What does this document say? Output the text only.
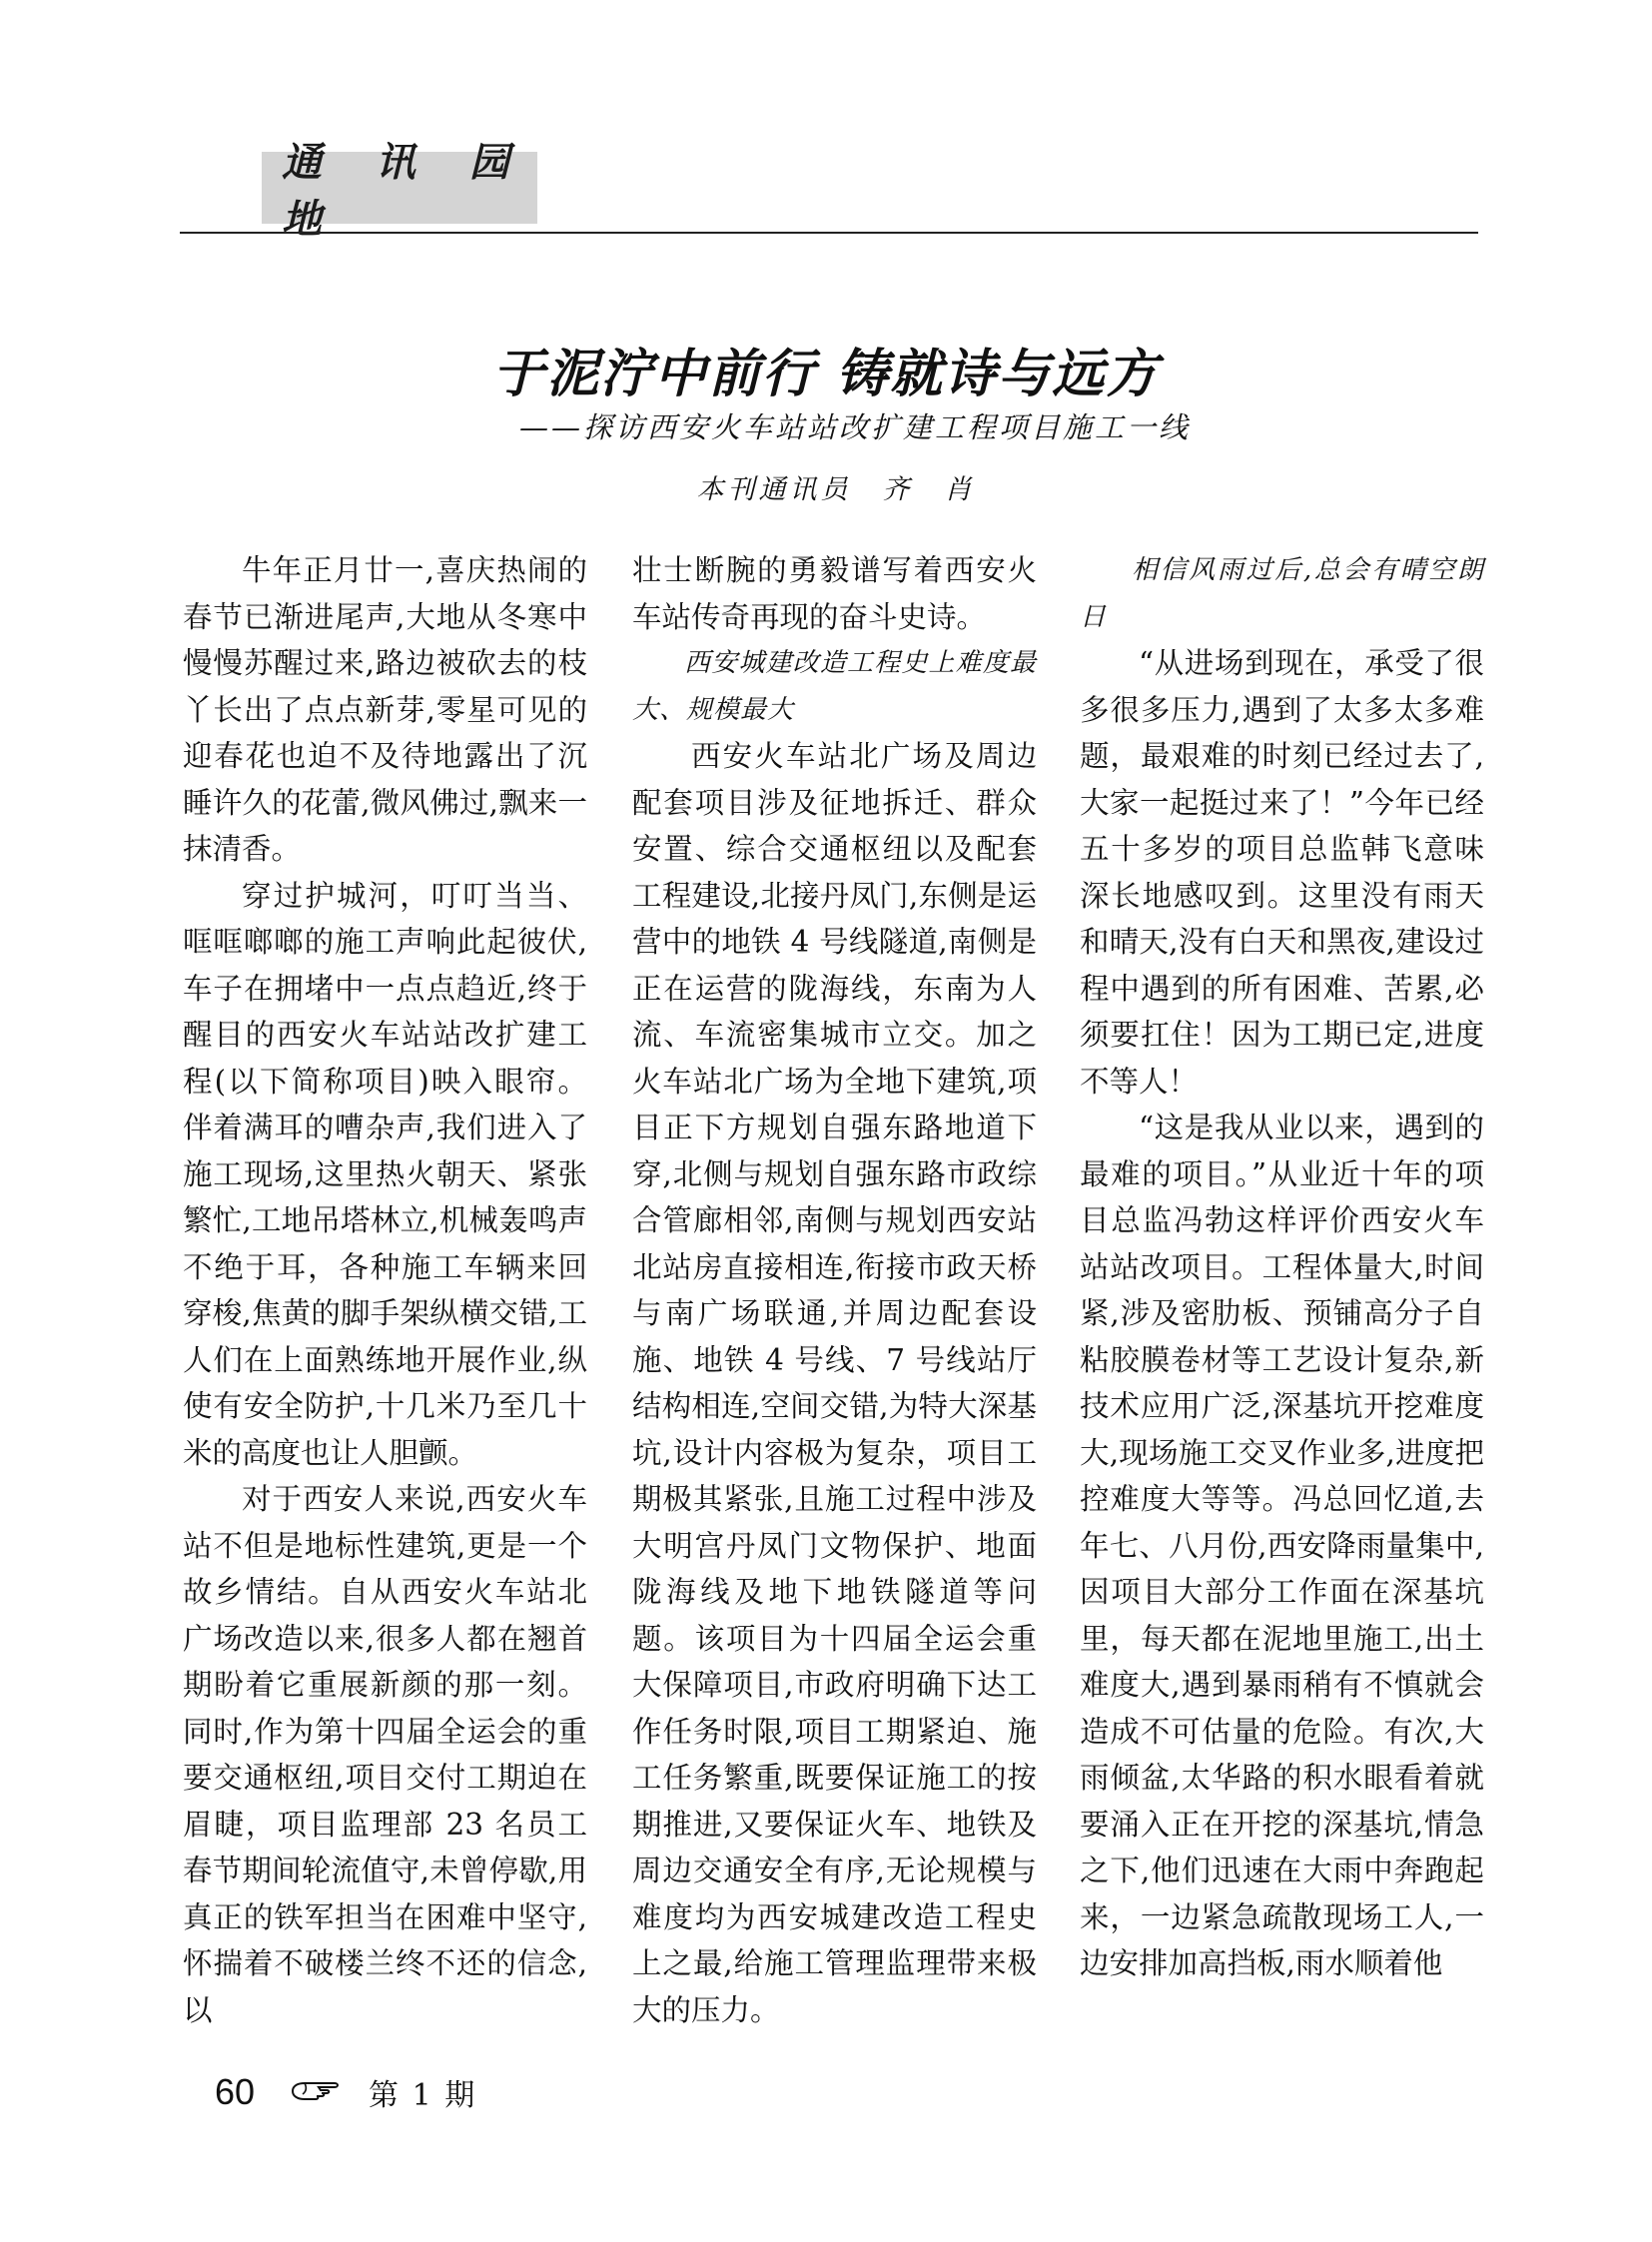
通 讯 园 地
于泥泞中前行 铸就诗与远方
——探访西安火车站站改扩建工程项目施工一线
本刊通讯员　齐　肖

牛年正月廿一,喜庆热闹的春节已渐进尾声,大地从冬寒中慢慢苏醒过来,路边被砍去的枝丫长出了点点新芽,零星可见的迎春花也迫不及待地露出了沉睡许久的花蕾,微风佛过,飘来一抹清香。

穿过护城河，叮叮当当、哐哐啷啷的施工声响此起彼伏,车子在拥堵中一点点趋近,终于醒目的西安火车站站改扩建工程(以下简称项目)映入眼帘。伴着满耳的嘈杂声,我们进入了施工现场,这里热火朝天、紧张繁忙,工地吊塔林立,机械轰鸣声不绝于耳，各种施工车辆来回穿梭,焦黄的脚手架纵横交错,工人们在上面熟练地开展作业,纵使有安全防护,十几米乃至几十米的高度也让人胆颤。

对于西安人来说,西安火车站不但是地标性建筑,更是一个故乡情结。自从西安火车站北广场改造以来,很多人都在翘首期盼着它重展新颜的那一刻。同时,作为第十四届全运会的重要交通枢纽,项目交付工期迫在眉睫，项目监理部 23 名员工春节期间轮流值守,未曾停歇,用真正的铁军担当在困难中坚守,怀揣着不破楼兰终不还的信念,以

壮士断腕的勇毅谱写着西安火车站传奇再现的奋斗史诗。

西安城建改造工程史上难度最大、规模最大

西安火车站北广场及周边配套项目涉及征地拆迁、群众安置、综合交通枢纽以及配套工程建设,北接丹凤门,东侧是运营中的地铁 4 号线隧道,南侧是正在运营的陇海线，东南为人流、车流密集城市立交。加之火车站北广场为全地下建筑,项目正下方规划自强东路地道下穿,北侧与规划自强东路市政综合管廊相邻,南侧与规划西安站北站房直接相连,衔接市政天桥与南广场联通,并周边配套设施、地铁 4 号线、7 号线站厅结构相连,空间交错,为特大深基坑,设计内容极为复杂，项目工期极其紧张,且施工过程中涉及大明宫丹凤门文物保护、地面陇海线及地下地铁隧道等问题。该项目为十四届全运会重大保障项目,市政府明确下达工作任务时限,项目工期紧迫、施工任务繁重,既要保证施工的按期推进,又要保证火车、地铁及周边交通安全有序,无论规模与难度均为西安城建改造工程史上之最,给施工管理监理带来极大的压力。

相信风雨过后,总会有晴空朗日

“从进场到现在，承受了很多很多压力,遇到了太多太多难题，最艰难的时刻已经过去了,大家一起挺过来了！”今年已经五十多岁的项目总监韩飞意味深长地感叹到。这里没有雨天和晴天,没有白天和黑夜,建设过程中遇到的所有困难、苦累,必须要扛住！因为工期已定,进度不等人！

“这是我从业以来，遇到的最难的项目。”从业近十年的项目总监冯勃这样评价西安火车站站改项目。工程体量大,时间紧,涉及密肋板、预铺高分子自粘胶膜卷材等工艺设计复杂,新技术应用广泛,深基坑开挖难度大,现场施工交叉作业多,进度把控难度大等等。冯总回忆道,去年七、八月份,西安降雨量集中,因项目大部分工作面在深基坑里，每天都在泥地里施工,出土难度大,遇到暴雨稍有不慎就会造成不可估量的危险。有次,大雨倾盆,太华路的积水眼看着就要涌入正在开挖的深基坑,情急之下,他们迅速在大雨中奔跑起来，一边紧急疏散现场工人,一边安排加高挡板,雨水顺着他

60	第 1 期
